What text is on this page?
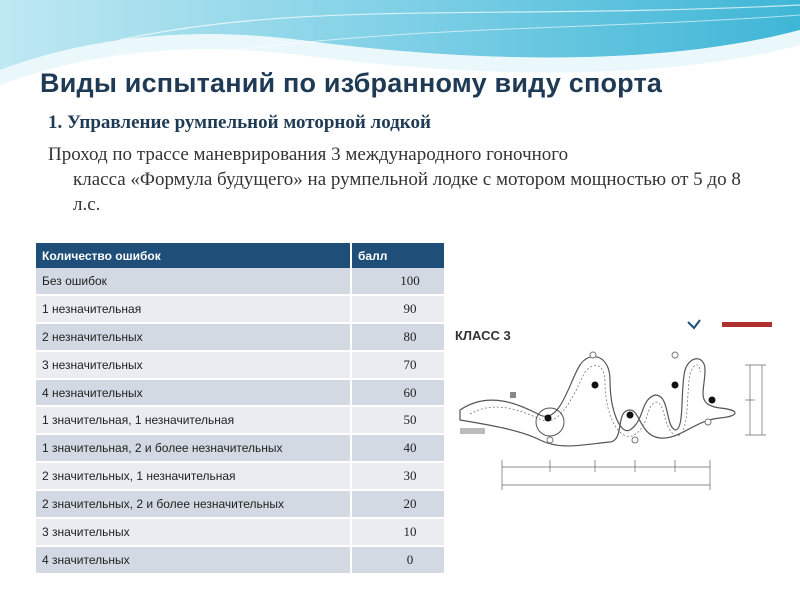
Виды испытаний по избранному виду спорта
1. Управление румпельной моторной лодкой
Проход по трассе маневрирования 3 международного гоночного
класса «Формула будущего» на румпельной лодке с мотором мощностью от 5 до 8 л.с.
Количество ошибок	балл
Без ошибок	100
1 незначительная	90
2 незначительных	80
3 незначительных	70
4 незначительных	60
1 значительная, 1 незначительная	50
1 значительная, 2 и более незначительных	40
2 значительных, 1 незначительная	30
2 значительных, 2 и более незначительных	20
3 значительных	10
4 значительных	0
КЛАСС 3
